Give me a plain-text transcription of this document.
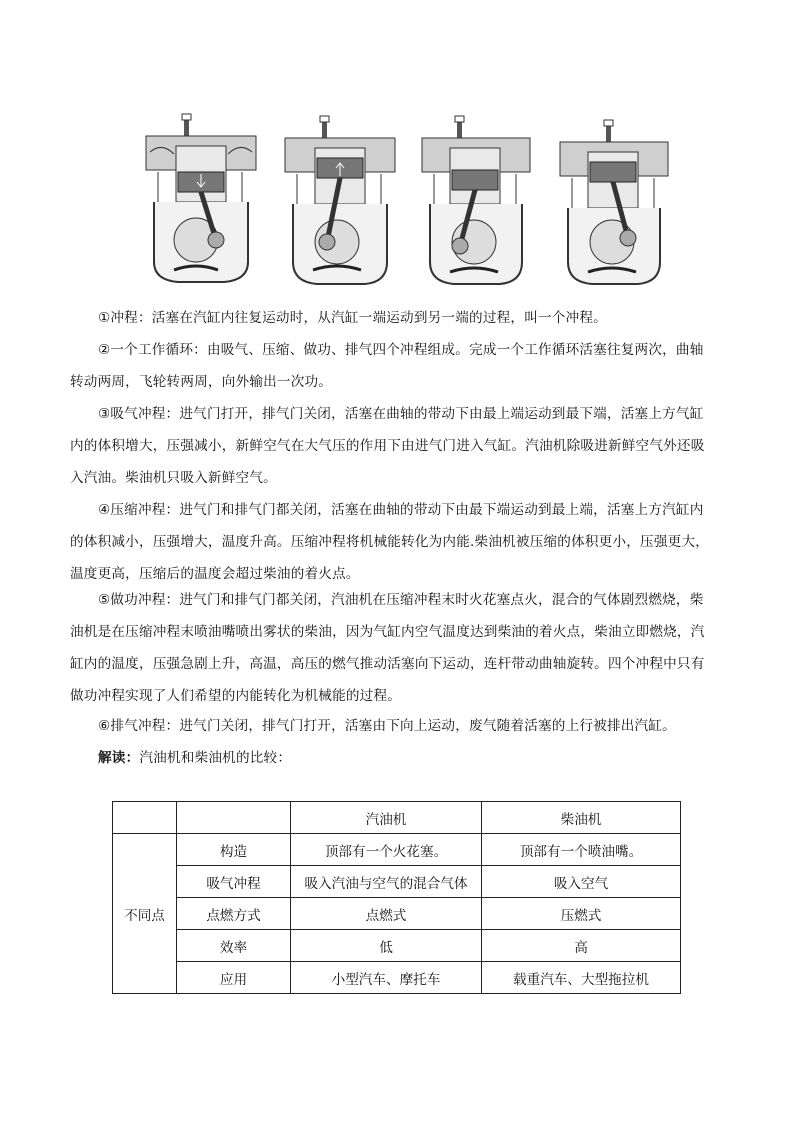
①冲程：活塞在汽缸内往复运动时，从汽缸一端运动到另一端的过程，叫一个冲程。
②一个工作循环：由吸气、压缩、做功、排气四个冲程组成。完成一个工作循环活塞往复两次，曲轴
转动两周，飞轮转两周，向外输出一次功。
③吸气冲程：进气门打开，排气门关闭，活塞在曲轴的带动下由最上端运动到最下端，活塞上方气缸
内的体积增大，压强减小，新鲜空气在大气压的作用下由进气门进入气缸。汽油机除吸进新鲜空气外还吸
入汽油。柴油机只吸入新鲜空气。
④压缩冲程：进气门和排气门都关闭，活塞在曲轴的带动下由最下端运动到最上端，活塞上方汽缸内
的体积减小，压强增大，温度升高。压缩冲程将机械能转化为内能.柴油机被压缩的体积更小，压强更大，
温度更高，压缩后的温度会超过柴油的着火点。
⑤做功冲程：进气门和排气门都关闭，汽油机在压缩冲程末时火花塞点火，混合的气体剧烈燃烧，柴
油机是在压缩冲程末喷油嘴喷出雾状的柴油，因为气缸内空气温度达到柴油的着火点，柴油立即燃烧，汽
缸内的温度，压强急剧上升，高温，高压的燃气推动活塞向下运动，连杆带动曲轴旋转。四个冲程中只有
做功冲程实现了人们希望的内能转化为机械能的过程。
⑥排气冲程：进气门关闭，排气门打开，活塞由下向上运动，废气随着活塞的上行被排出汽缸。
解读：汽油机和柴油机的比较：
		汽油机	柴油机
不同点	构造	顶部有一个火花塞。	顶部有一个喷油嘴。
	吸气冲程	吸入汽油与空气的混合气体	吸入空气
	点燃方式	点燃式	压燃式
	效率	低	高
	应用	小型汽车、摩托车	载重汽车、大型拖拉机
